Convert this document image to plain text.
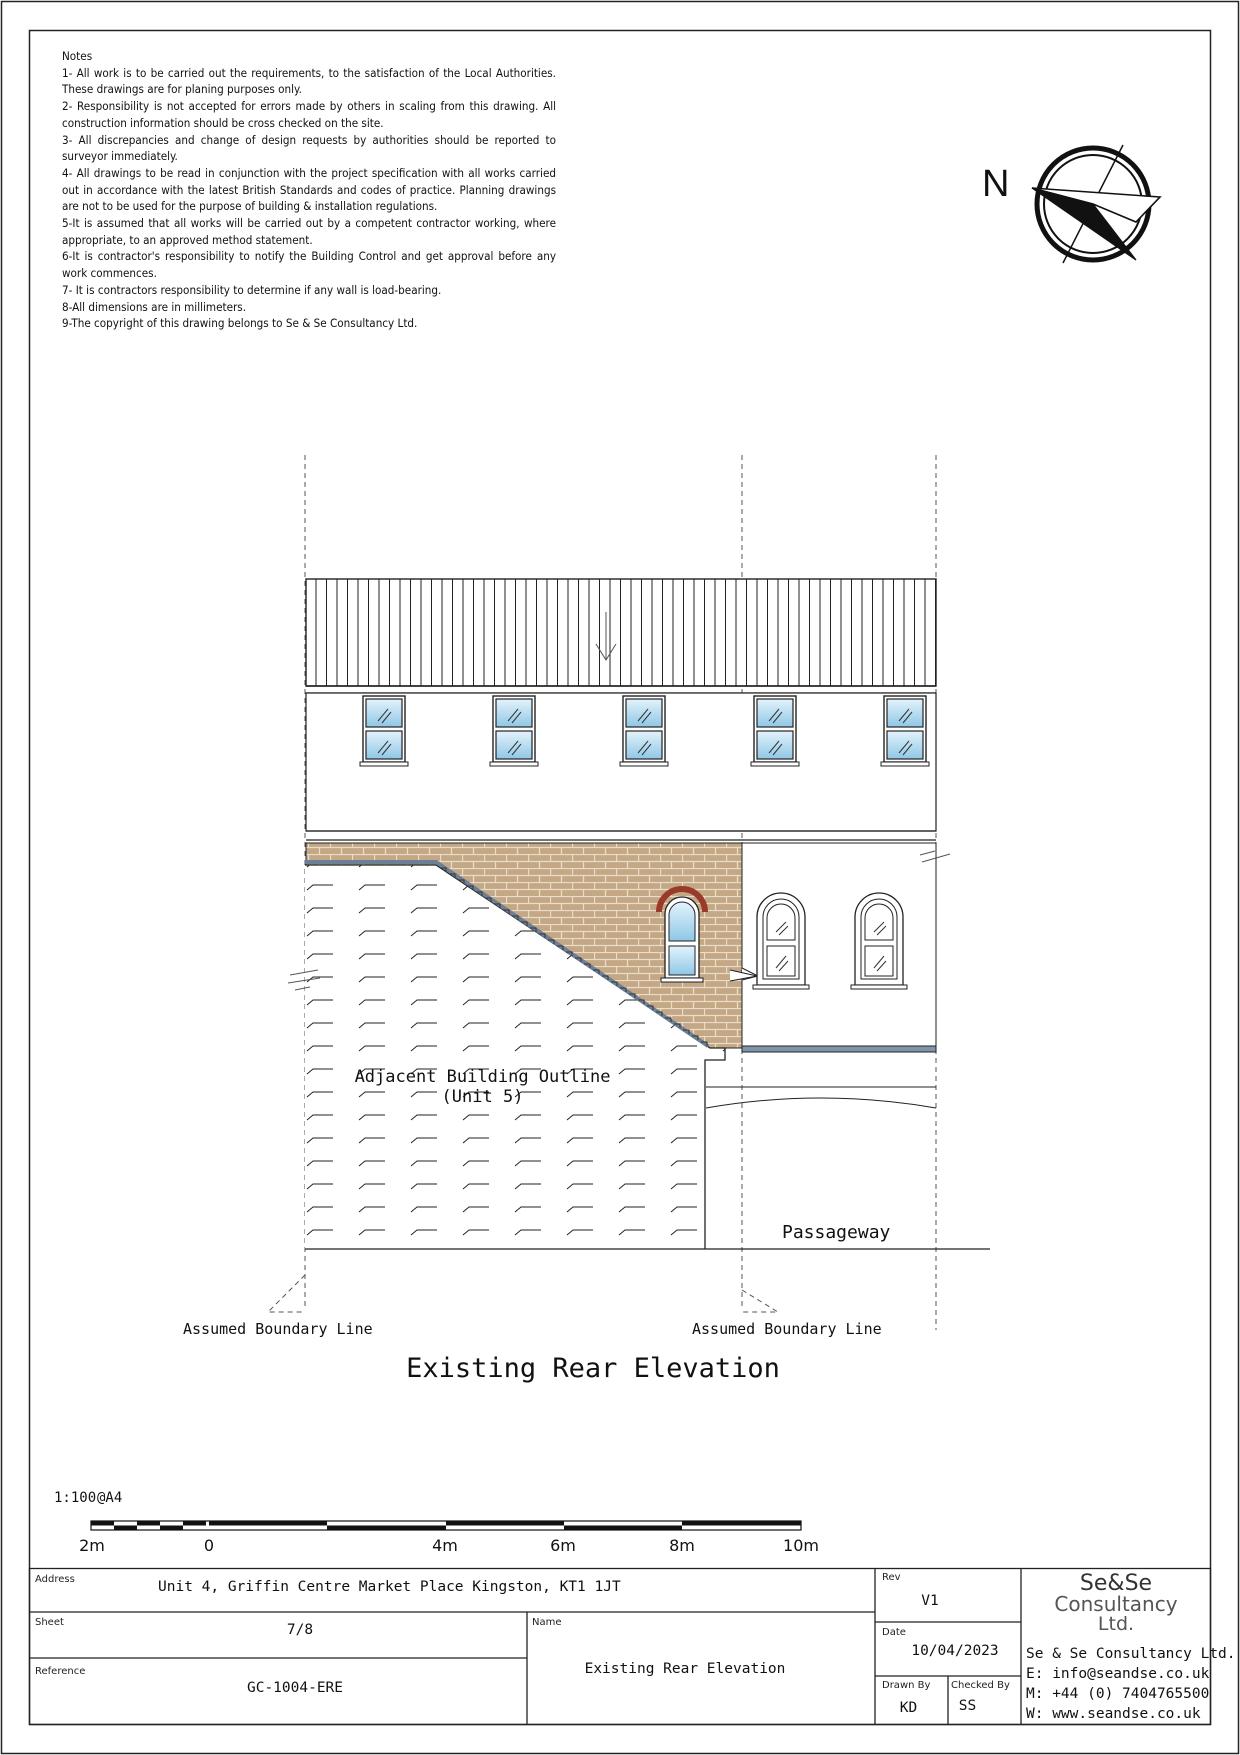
N
Notes
1- All work is to be carried out the requirements, to the satisfaction of the Local Authorities. These drawings are for planing purposes only.
2- Responsibility is not accepted for errors made by others in scaling from this drawing. All construction information should be cross checked on the site.
3- All discrepancies and change of design requests by authorities should be reported to surveyor immediately.
4- All drawings to be read in conjunction with the project specification with all works carried out in accordance with the latest British Standards and codes of practice. Planning drawings are not to be used for the purpose of building & installation regulations.
5-It is assumed that all works will be carried out by a competent contractor working, where appropriate, to an approved method statement.
6-It is contractor's responsibility to notify the Building Control and get approval before any work commences.
7- It is contractors responsibility to determine if any wall is load-bearing.
8-All dimensions are in millimeters.
9-The copyright of this drawing belongs to Se & Se Consultancy Ltd.
Adjacent Building Outline
(Unit 5)
Passageway
Assumed Boundary Line	Assumed Boundary Line
Existing Rear Elevation
1:100 @A4
2m	0	4m	6m	8m	10m
Address	Unit 4, Griffin Centre Market Place Kingston, KT1 1JT
Sheet	7/8
Reference
GC-1004-ERE
Name
Existing Rear Elevation
Rev
V1
Date
10/04/2023
Drawn By
KD
Checked By
SS
Se&Se
Consultancy
Ltd.
Se & Se Consultancy Ltd.
E: info@seandse.co.uk
M: +44 (0) 7404765500
W: www.seandse.co.uk
